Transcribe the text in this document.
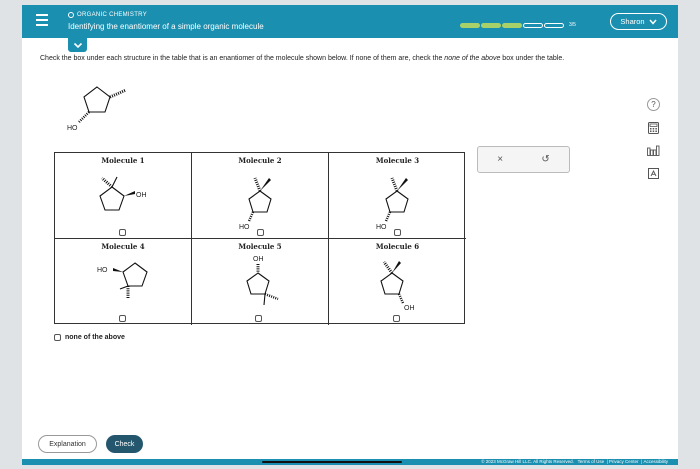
ORGANIC CHEMISTRY
Identifying the enantiomer of a simple organic molecule	3/5	Sharon
Check the box under each structure in the table that is an enantiomer of the molecule shown below. If none of them are, check the none of the above box under the table.
HO
Molecule 1
OH
Molecule 2
HO
Molecule 3
HO
Molecule 4
HO
Molecule 5
OH
Molecule 6
OH
none of the above
×	↺
?
Explanation	Check
© 2023 McGraw Hill LLC. All Rights Reserved. Terms of Use  | Privacy Center  | Accessibility
